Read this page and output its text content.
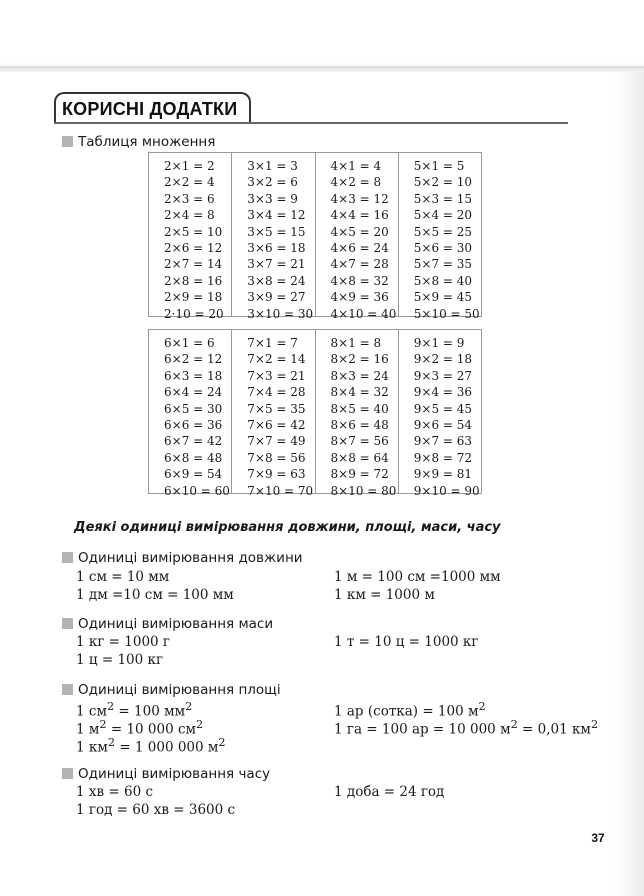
КОРИСНІ ДОДАТКИ
Таблиця множення
2×1 = 2
2×2 = 4
2×3 = 6
2×4 = 8
2×5 = 10
2×6 = 12
2×7 = 14
2×8 = 16
2×9 = 18
2·10 = 20
3×1 = 3
3×2 = 6
3×3 = 9
3×4 = 12
3×5 = 15
3×6 = 18
3×7 = 21
3×8 = 24
3×9 = 27
3×10 = 30
4×1 = 4
4×2 = 8
4×3 = 12
4×4 = 16
4×5 = 20
4×6 = 24
4×7 = 28
4×8 = 32
4×9 = 36
4×10 = 40
5×1 = 5
5×2 = 10
5×3 = 15
5×4 = 20
5×5 = 25
5×6 = 30
5×7 = 35
5×8 = 40
5×9 = 45
5×10 = 50
6×1 = 6
6×2 = 12
6×3 = 18
6×4 = 24
6×5 = 30
6×6 = 36
6×7 = 42
6×8 = 48
6×9 = 54
6×10 = 60
7×1 = 7
7×2 = 14
7×3 = 21
7×4 = 28
7×5 = 35
7×6 = 42
7×7 = 49
7×8 = 56
7×9 = 63
7×10 = 70
8×1 = 8
8×2 = 16
8×3 = 24
8×4 = 32
8×5 = 40
8×6 = 48
8×7 = 56
8×8 = 64
8×9 = 72
8×10 = 80
9×1 = 9
9×2 = 18
9×3 = 27
9×4 = 36
9×5 = 45
9×6 = 54
9×7 = 63
9×8 = 72
9×9 = 81
9×10 = 90
Деякі одиниці вимірювання довжини, площі, маси, часу
Одиниці вимірювання довжини
1 см = 10 мм
1 дм =10 см = 100 мм
1 м = 100 см =1000 мм
1 км = 1000 м
Одиниці вимірювання маси
1 кг = 1000 г
1 ц = 100 кг
1 т = 10 ц = 1000 кг
Одиниці вимірювання площі
1 $см^2 = 100$ $мм^2$
1 $м^2 = 10$ 000 $см^2$
1 $км^2 = 1$ 000 000 $м^2$
1 ар (сотка) = 100 $м^2$
1 га = 100 ар = 10 000 $м^2 = 0,01$ $км^2$
Одиниці вимірювання часу
1 хв = 60 с
1 год = 60 хв = 3600 с
1 доба = 24 год
37
